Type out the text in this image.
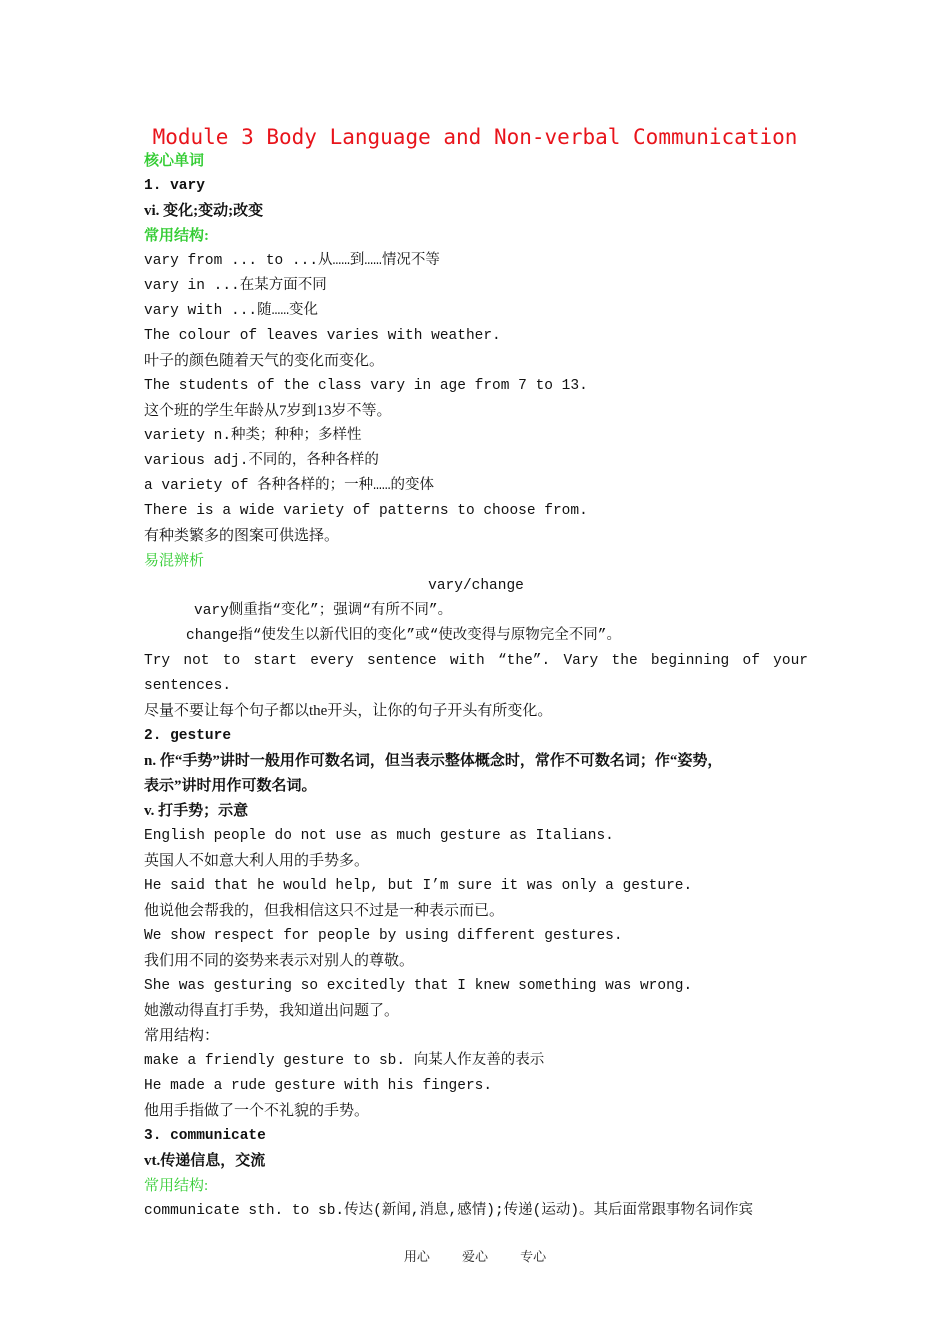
Module 3 Body Language and Non-verbal Communication
核心单词
1. vary
vi. 变化;变动;改变
常用结构:
vary from ... to ...从……到……情况不等
vary in ...在某方面不同
vary with ...随……变化
The colour of leaves varies with weather.
叶子的颜色随着天气的变化而变化。
The students of the class vary in age from 7 to 13.
这个班的学生年龄从7岁到13岁不等。
variety n.种类；种种；多样性
various adj.不同的，各种各样的
a variety of 各种各样的；一种……的变体
There is a wide variety of patterns to choose from.
有种类繁多的图案可供选择。
易混辨析
vary/change
vary侧重指“变化”；强调“有所不同”。
change指“使发生以新代旧的变化”或“使改变得与原物完全不同”。
Try not to start every sentence with “the”. Vary the beginning of your
sentences.
尽量不要让每个句子都以the开头，让你的句子开头有所变化。
2. gesture
n. 作“手势”讲时一般用作可数名词，但当表示整体概念时，常作不可数名词；作“姿势，
表示”讲时用作可数名词。
v. 打手势；示意
English people do not use as much gesture as Italians.
英国人不如意大利人用的手势多。
He said that he would help, but I’m sure it was only a gesture.
他说他会帮我的，但我相信这只不过是一种表示而已。
We show respect for people by using different gestures.
我们用不同的姿势来表示对别人的尊敬。
She was gesturing so excitedly that I knew something was wrong.
她激动得直打手势，我知道出问题了。
常用结构：
make a friendly gesture to sb. 向某人作友善的表示
He made a rude gesture with his fingers.
他用手指做了一个不礼貌的手势。
3. communicate
vt.传递信息，交流
常用结构:
communicate sth. to sb.传达(新闻,消息,感情);传递(运动)。其后面常跟事物名词作宾
用心 爱心 专心
